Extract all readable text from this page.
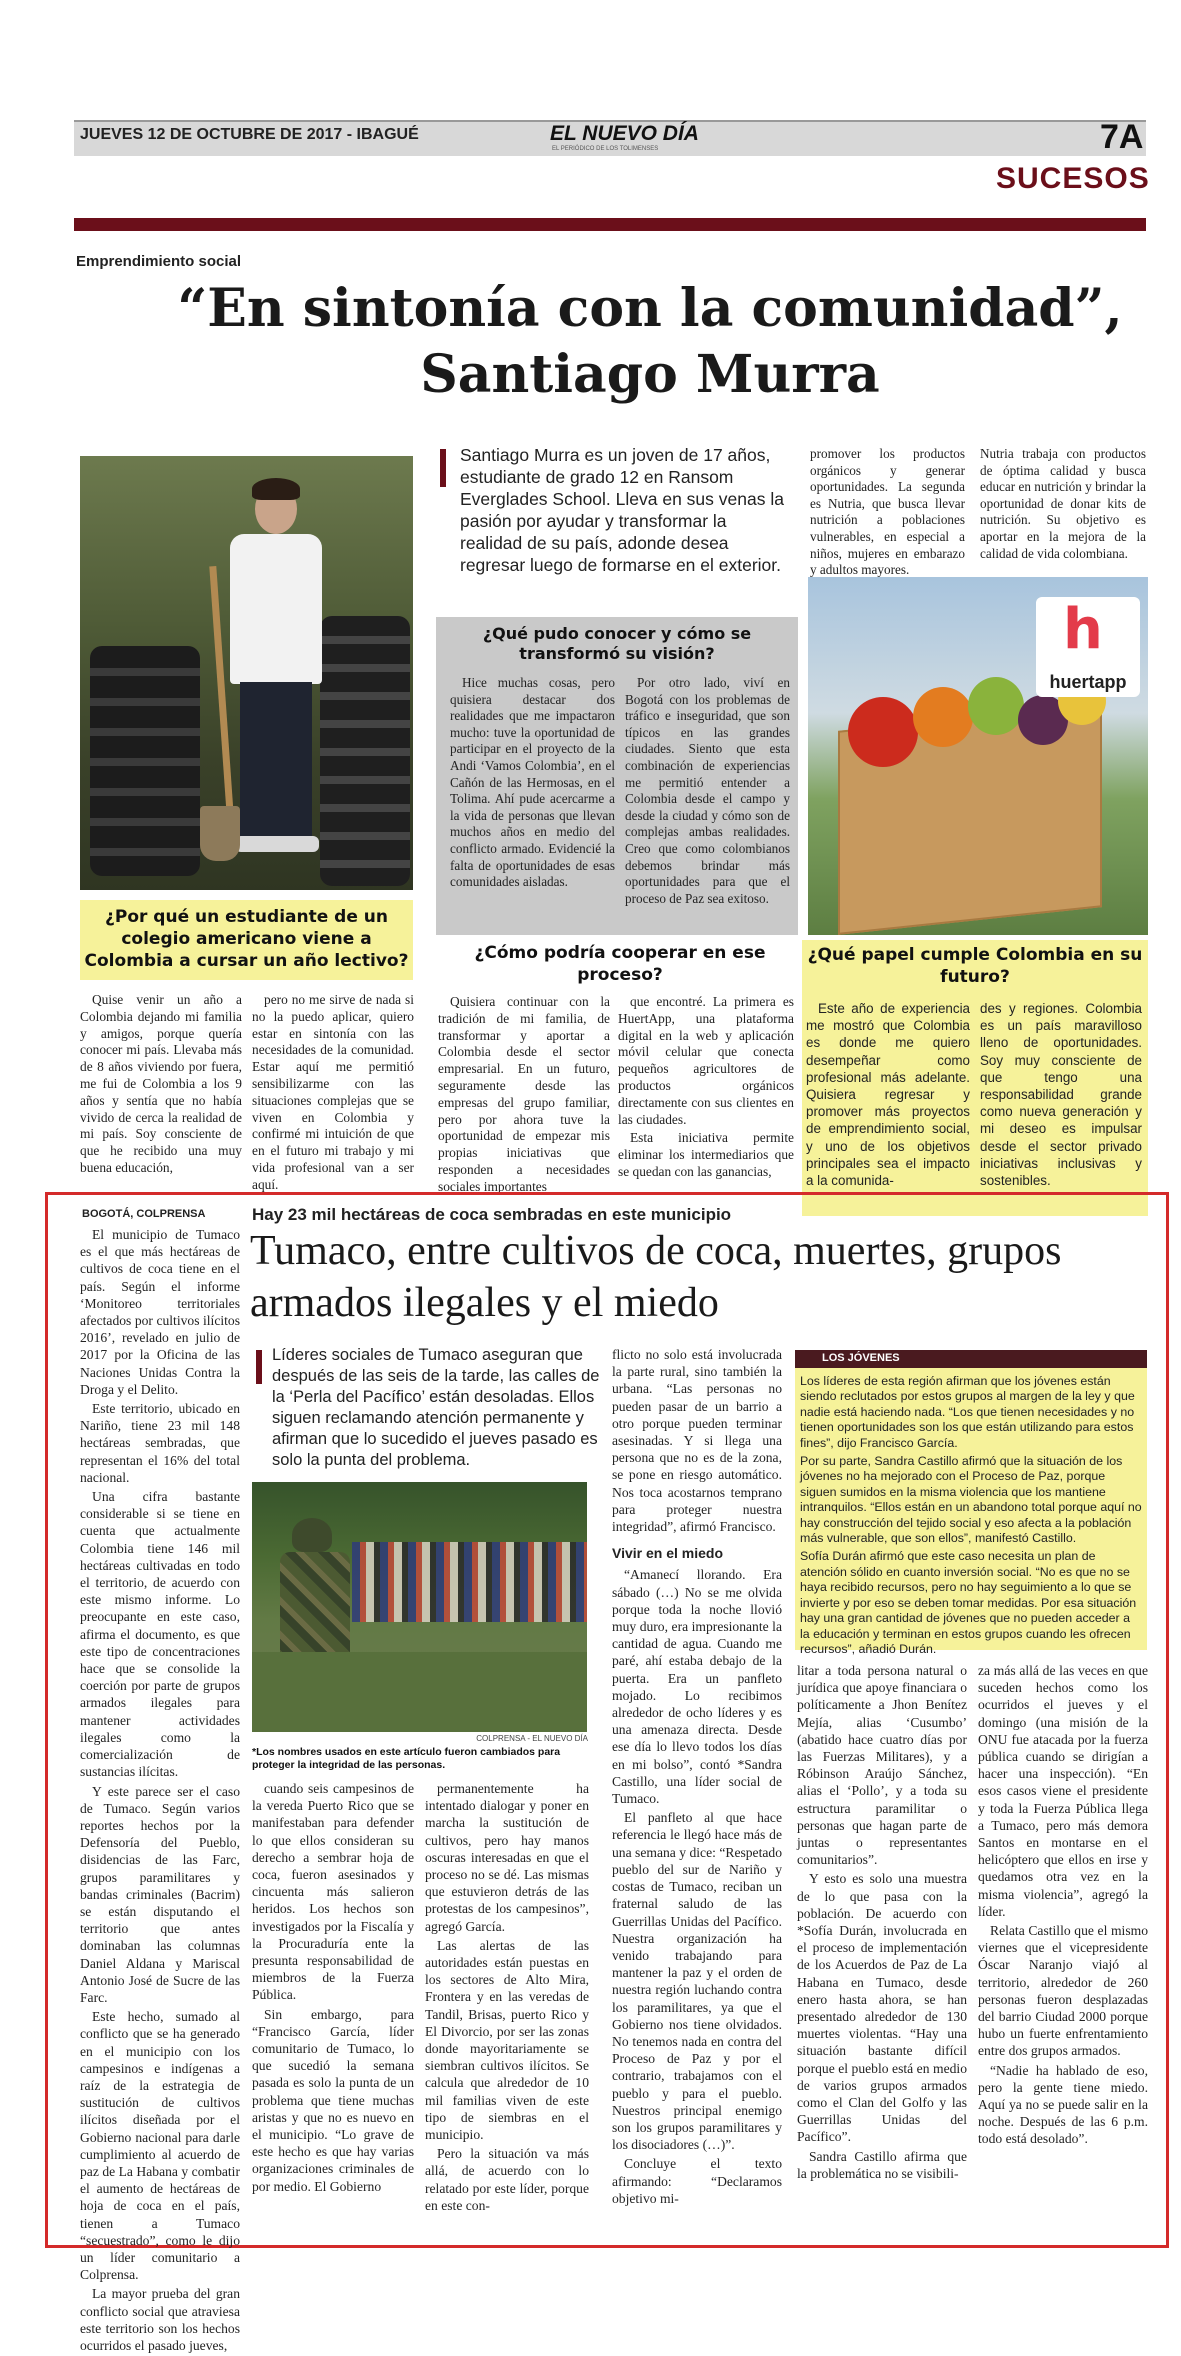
JUEVES 12 DE OCTUBRE DE 2017 - IBAGUÉ	EL NUEVO DÍA
EL PERIÓDICO DE LOS TOLIMENSES	7A
SUCESOS
Emprendimiento social
“En sintonía con la comunidad”, Santiago Murra
Santiago Murra es un joven de 17 años, estudiante de grado 12 en Ransom Everglades School. Lleva en sus venas la pasión por ayudar y transformar la realidad de su país, adonde desea regresar luego de formarse en el exterior.
¿Qué pudo conocer y cómo se transformó su visión?

Hice muchas cosas, pero quisiera destacar dos realidades que me impactaron mucho: tuve la oportunidad de participar en el proyecto de la Andi ‘Vamos Colombia’, en el Cañón de las Hermosas, en el Tolima. Ahí pude acercarme a la vida de personas que llevan muchos años en medio del conflicto armado. Evidencié la falta de oportunidades de esas comunidades aisladas.

Por otro lado, viví en Bogotá con los problemas de tráfico e inseguridad, que son típicos en las grandes ciudades. Siento que esta combinación de experiencias me permitió entender a Colombia desde el campo y desde la ciudad y cómo son de complejas ambas realidades. Creo que como colombianos debemos brindar más oportunidades para que el proceso de Paz sea exitoso.

promover los productos orgánicos y generar oportunidades. La segunda es Nutria, que busca llevar nutrición a poblaciones vulnerables, en especial a niños, mujeres en embarazo y adultos mayores.

Nutria trabaja con productos de óptima calidad y busca educar en nutrición y brindar la oportunidad de donar kits de nutrición. Su objetivo es aportar en la mejora de la calidad de vida colombiana.

h
huertapp
¿Por qué un estudiante de un colegio americano viene a Colombia a cursar un año lectivo?

Quise venir un año a Colombia dejando mi familia y amigos, porque quería conocer mi país. Llevaba más de 8 años viviendo por fuera, me fui de Colombia a los 9 años y sentía que no había vivido de cerca la realidad de mi país. Soy consciente de que he recibido una muy buena educación,

pero no me sirve de nada si no la puedo aplicar, quiero estar en sintonía con las necesidades de la comunidad. Estar aquí me permitió sensibilizarme con las situaciones complejas que se viven en Colombia y confirmé mi intuición de que en el futuro mi trabajo y mi vida profesional van a ser aquí.

¿Cómo podría cooperar en ese proceso?

Quisiera continuar con la tradición de mi familia, de transformar y aportar a Colombia desde el sector empresarial. En un futuro, seguramente desde las empresas del grupo familiar, pero por ahora tuve la oportunidad de empezar mis propias iniciativas que responden a necesidades sociales importantes

que encontré. La primera es HuertApp, una plataforma digital en la web y aplicación móvil celular que conecta pequeños agricultores de productos orgánicos directamente con sus clientes en las ciudades.

Esta iniciativa permite eliminar los intermediarios que se quedan con las ganancias,

¿Qué papel cumple Colombia en su futuro?

Este año de experiencia me mostró que Colombia es donde me quiero desempeñar como profesional más adelante. Quisiera regresar y promover más proyectos de emprendimiento social, y uno de los objetivos principales sea el impacto a la comunida-

des y regiones. Colombia es un país maravilloso lleno de oportunidades. Soy muy consciente de que tengo una responsabilidad grande como nueva generación y mi deseo es impulsar desde el sector privado iniciativas inclusivas y sostenibles.

BOGOTÁ, COLPRENSA	Hay 23 mil hectáreas de coca sembradas en este municipio
Tumaco, entre cultivos de coca, muertes, grupos armados ilegales y el miedo

El municipio de Tumaco es el que más hectáreas de cultivos de coca tiene en el país. Según el informe ‘Monitoreo territoriales afectados por cultivos ilícitos 2016’, revelado en julio de 2017 por la Oficina de las Naciones Unidas Contra la Droga y el Delito.

Este territorio, ubicado en Nariño, tiene 23 mil 148 hectáreas sembradas, que representan el 16% del total nacional.

Una cifra bastante considerable si se tiene en cuenta que actualmente Colombia tiene 146 mil hectáreas cultivadas en todo el territorio, de acuerdo con este mismo informe. Lo preocupante en este caso, afirma el documento, es que este tipo de concentraciones hace que se consolide la coerción por parte de grupos armados ilegales para mantener actividades ilegales como la comercialización de sustancias ilícitas.

Y este parece ser el caso de Tumaco. Según varios reportes hechos por la Defensoría del Pueblo, disidencias de las Farc, grupos paramilitares y bandas criminales (Bacrim) se están disputando el territorio que antes dominaban las columnas Daniel Aldana y Mariscal Antonio José de Sucre de las Farc.

Este hecho, sumado al conflicto que se ha generado en el municipio con los campesinos e indígenas a raíz de la estrategia de sustitución de cultivos ilícitos diseñada por el Gobierno nacional para darle cumplimiento al acuerdo de paz de La Habana y combatir el aumento de hectáreas de hoja de coca en el país, tienen a Tumaco “secuestrado”, como le dijo un líder comunitario a Colprensa.

La mayor prueba del gran conflicto social que atraviesa este territorio son los hechos ocurridos el pasado jueves,

Líderes sociales de Tumaco aseguran que después de las seis de la tarde, las calles de la ‘Perla del Pacífico’ están desoladas. Ellos siguen reclamando atención permanente y afirman que lo sucedido el jueves pasado es solo la punta del problema.
COLPRENSA - EL NUEVO DÍA
*Los nombres usados en este artículo fueron cambiados para proteger la integridad de las personas.

cuando seis campesinos de la vereda Puerto Rico que se manifestaban para defender lo que ellos consideran su derecho a sembrar hoja de coca, fueron asesinados y cincuenta más salieron heridos. Los hechos son investigados por la Fiscalía y la Procuraduría ente la presunta responsabilidad de miembros de la Fuerza Pública.

Sin embargo, para “Francisco García, líder comunitario de Tumaco, lo que sucedió la semana pasada es solo la punta de un problema que tiene muchas aristas y que no es nuevo en el municipio. “Lo grave de este hecho es que hay varias organizaciones criminales de por medio. El Gobierno

permanentemente ha intentado dialogar y poner en marcha la sustitución de cultivos, pero hay manos oscuras interesadas en que el proceso no se dé. Las mismas que estuvieron detrás de las protestas de los campesinos”, agregó García.

Las alertas de las autoridades están puestas en los sectores de Alto Mira, Frontera y en las veredas de Tandil, Brisas, puerto Rico y El Divorcio, por ser las zonas donde mayoritariamente se siembran cultivos ilícitos. Se calcula que alrededor de 10 mil familias viven de este tipo de siembras en el municipio.

Pero la situación va más allá, de acuerdo con lo relatado por este líder, porque en este con-

flicto no solo está involucrada la parte rural, sino también la urbana. “Las personas no pueden pasar de un barrio a otro porque pueden terminar asesinadas. Y si llega una persona que no es de la zona, se pone en riesgo automático. Nos toca acostarnos temprano para proteger nuestra integridad”, afirmó Francisco.

Vivir en el miedo

“Amanecí llorando. Era sábado (…) No se me olvida porque toda la noche llovió muy duro, era impresionante la cantidad de agua. Cuando me paré, ahí estaba debajo de la puerta. Era un panfleto mojado. Lo recibimos alrededor de ocho líderes y es una amenaza directa. Desde ese día lo llevo todos los días en mi bolso”, contó *Sandra Castillo, una líder social de Tumaco.

El panfleto al que hace referencia le llegó hace más de una semana y dice: “Respetado pueblo del sur de Nariño y costas de Tumaco, reciban un fraternal saludo de las Guerrillas Unidas del Pacífico. Nuestra organización ha venido trabajando para mantener la paz y el orden de nuestra región luchando contra los paramilitares, ya que el Gobierno nos tiene olvidados. No tenemos nada en contra del Proceso de Paz y por el contrario, trabajamos con el pueblo y para el pueblo. Nuestros principal enemigo son los grupos paramilitares y los disociadores (…)”.

Concluye el texto afirmando: “Declaramos objetivo mi-

LOS JÓVENES

Los líderes de esta región afirman que los jóvenes están siendo reclutados por estos grupos al margen de la ley y que nadie está haciendo nada. “Los que tienen necesidades y no tienen oportunidades son los que están utilizando para estos fines”, dijo Francisco García.

Por su parte, Sandra Castillo afirmó que la situación de los jóvenes no ha mejorado con el Proceso de Paz, porque siguen sumidos en la misma violencia que los mantiene intranquilos. “Ellos están en un abandono total porque aquí no hay construcción del tejido social y eso afecta a la población más vulnerable, que son ellos”, manifestó Castillo.

Sofía Durán afirmó que este caso necesita un plan de atención sólido en cuanto inversión social. “No es que no se haya recibido recursos, pero no hay seguimiento a lo que se invierte y por eso se deben tomar medidas. Por esa situación hay una gran cantidad de jóvenes que no pueden acceder a la educación y terminan en estos grupos cuando les ofrecen recursos”, añadió Durán.

litar a toda persona natural o jurídica que apoye financiara o políticamente a Jhon Benítez Mejía, alias ‘Cusumbo’ (abatido hace cuatro días por las Fuerzas Militares), y a Róbinson Araújo Sánchez, alias el ‘Pollo’, y a toda su estructura paramilitar o personas que hagan parte de juntas o representantes comunitarios”.

Y esto es solo una muestra de lo que pasa con la población. De acuerdo con *Sofía Durán, involucrada en el proceso de implementación de los Acuerdos de Paz de La Habana en Tumaco, desde enero hasta ahora, se han presentado alrededor de 130 muertes violentas. “Hay una situación bastante difícil porque el pueblo está en medio de varios grupos armados como el Clan del Golfo y las Guerrillas Unidas del Pacífico”.

Sandra Castillo afirma que la problemática no se visibili-

za más allá de las veces en que suceden hechos como los ocurridos el jueves y el domingo (una misión de la ONU fue atacada por la fuerza pública cuando se dirigían a hacer una inspección). “En esos casos viene el presidente y toda la Fuerza Pública llega a Tumaco, pero más demora Santos en montarse en el helicóptero que ellos en irse y quedamos otra vez en la misma violencia”, agregó la líder.

Relata Castillo que el mismo viernes que el vicepresidente Óscar Naranjo viajó al territorio, alrededor de 260 personas fueron desplazadas del barrio Ciudad 2000 porque hubo un fuerte enfrentamiento entre dos grupos armados.

“Nadie ha hablado de eso, pero la gente tiene miedo. Aquí ya no se puede salir en la noche. Después de las 6 p.m. todo está desolado”.
